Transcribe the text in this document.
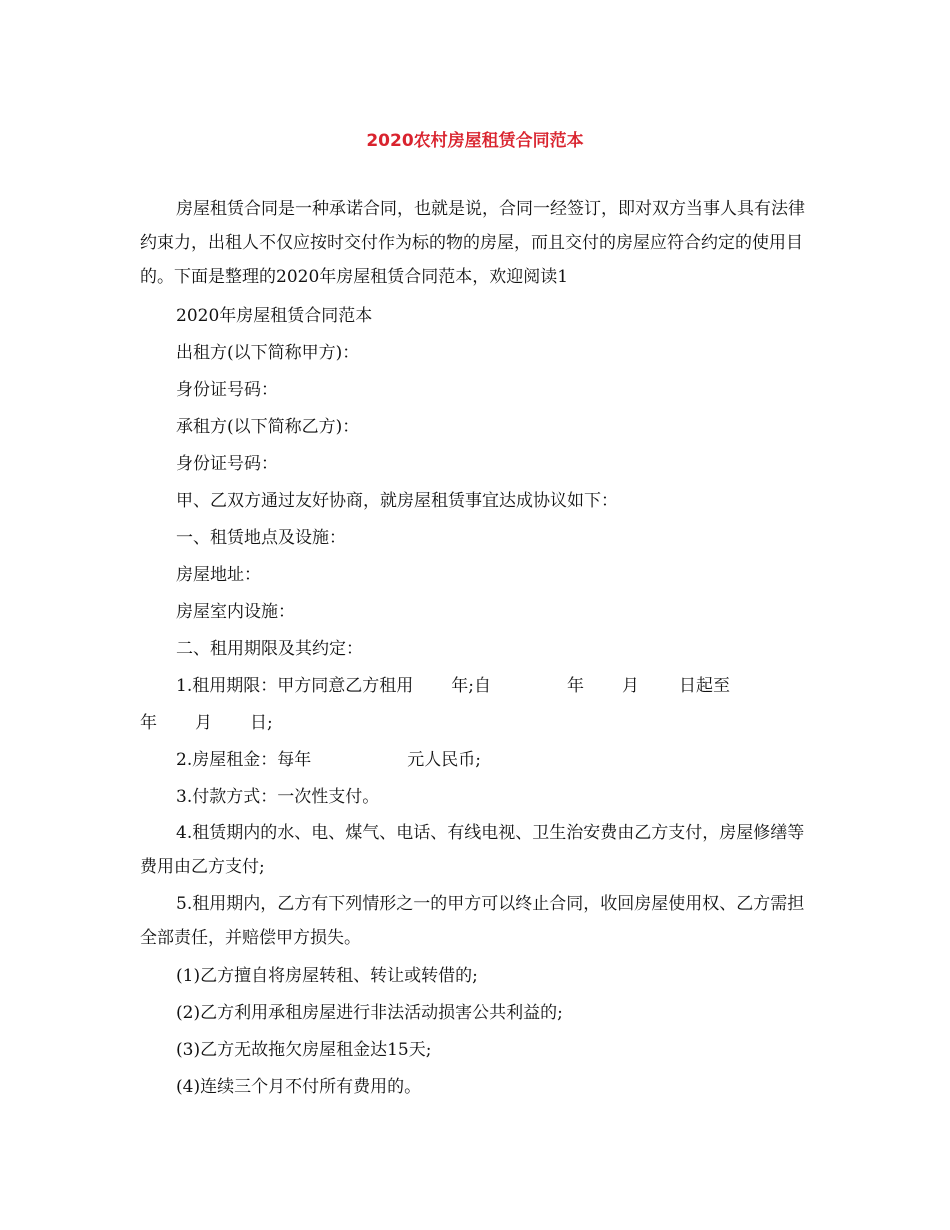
2020农村房屋租赁合同范本

房屋租赁合同是一种承诺合同，也就是说，合同一经签订，即对双方当事人具有法律约束力，出租人不仅应按时交付作为标的物的房屋，而且交付的房屋应符合约定的使用目的。下面是整理的2020年房屋租赁合同范本，欢迎阅读1

2020年房屋租赁合同范本

出租方(以下简称甲方)：

身份证号码：

承租方(以下简称乙方)：

身份证号码：

甲、乙双方通过友好协商，就房屋租赁事宜达成协议如下：

一、租赁地点及设施：

房屋地址：

房屋室内设施：

二、租用期限及其约定：

1.租用期限：甲方同意乙方租用 年;自	年 月 日起至

年 月 日;

2.房屋租金：每年	元人民币;

3.付款方式：一次性支付。

4.租赁期内的水、电、煤气、电话、有线电视、卫生治安费由乙方支付，房屋修缮等费用由乙方支付;

5.租用期内，乙方有下列情形之一的甲方可以终止合同，收回房屋使用权、乙方需担全部责任，并赔偿甲方损失。

(1)乙方擅自将房屋转租、转让或转借的;

(2)乙方利用承租房屋进行非法活动损害公共利益的;

(3)乙方无故拖欠房屋租金达15天;

(4)连续三个月不付所有费用的。
